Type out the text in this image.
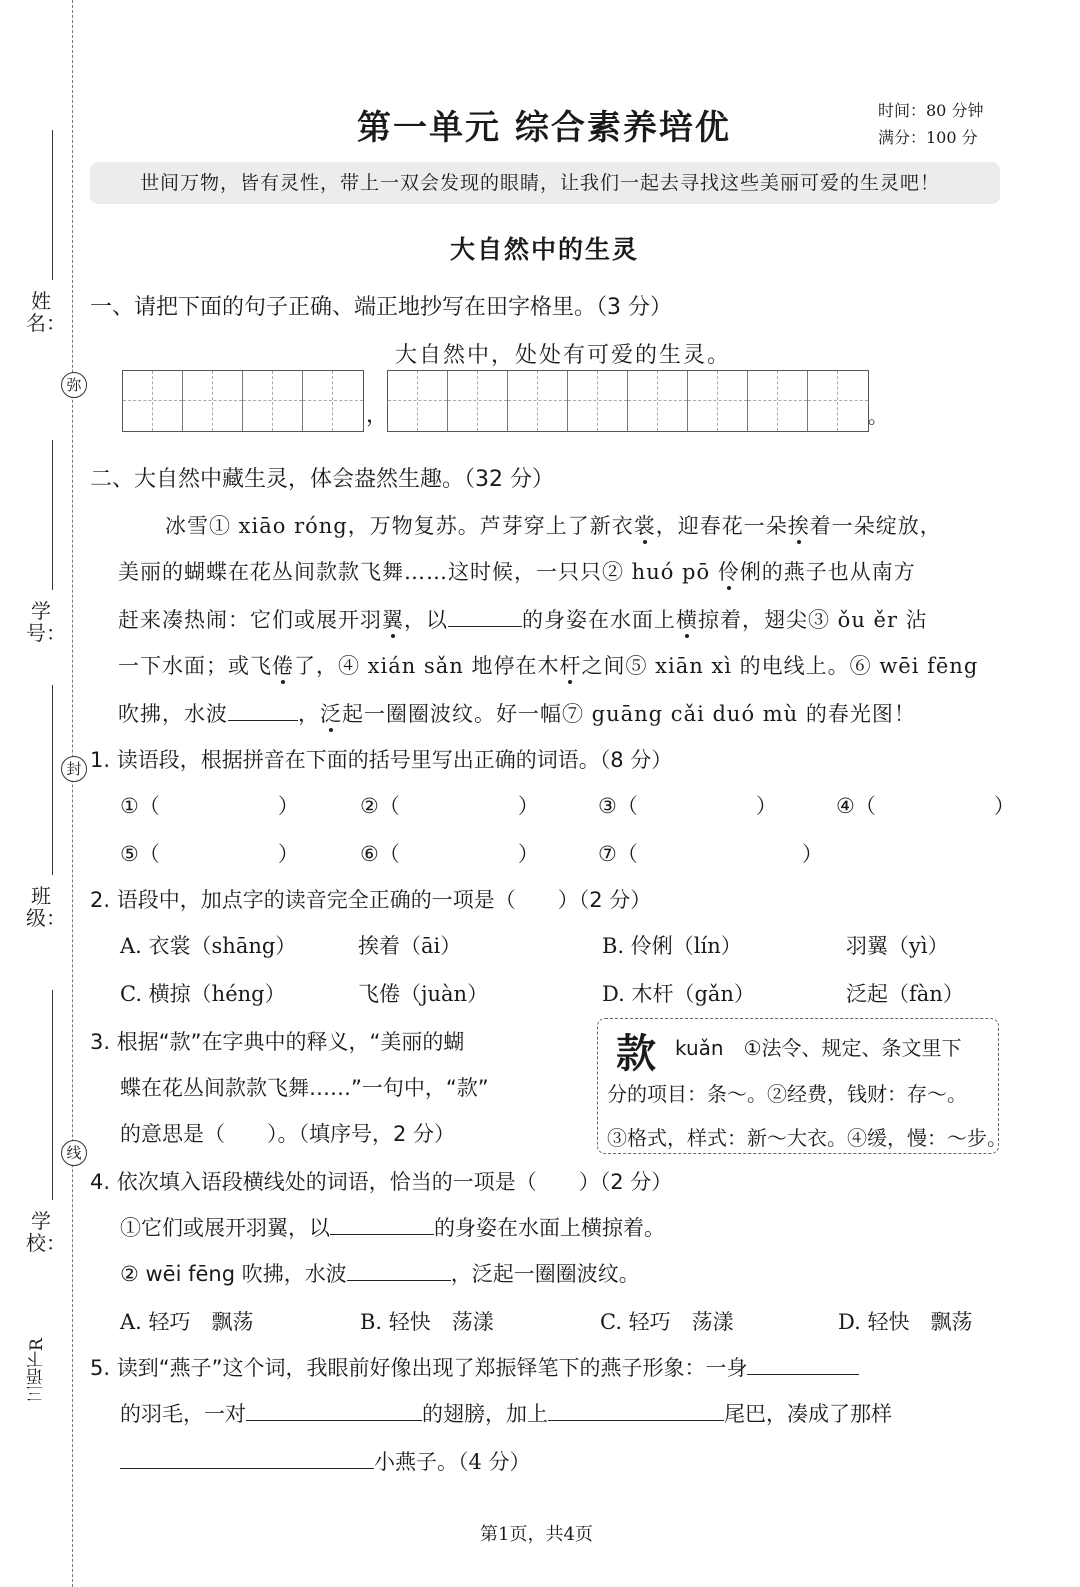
姓名：
学号：
班级：
学校：
三语下R
弥
封
线
第一单元 综合素养培优	时间：80 分钟
满分：100 分
世间万物，皆有灵性，带上一双会发现的眼睛，让我们一起去寻找这些美丽可爱的生灵吧！
大自然中的生灵
一、请把下面的句子正确、端正地抄写在田字格里。（3 分）
大自然中，处处有可爱的生灵。
，	。
二、大自然中藏生灵，体会盎然生趣。（32 分）
冰雪① xiāo róng，万物复苏。芦芽穿上了新衣裳，迎春花一朵挨着一朵绽放，
美丽的蝴蝶在花丛间款款飞舞……这时候，一只只② huó pō 伶俐的燕子也从南方
赶来凑热闹：它们或展开羽翼，以	的身姿在水面上横掠着，翅尖③ ǒu ěr 沾
一下水面；或飞倦了，④ xián sǎn 地停在木杆之间⑤ xiān xì 的电线上。⑥ wēi fēng
吹拂，水波	，泛起一圈圈波纹。好一幅⑦ guāng cǎi duó mù 的春光图！
1. 读语段，根据拼音在下面的括号里写出正确的词语。（8 分）
①（	）	②（	）	③（	）	④（	）
⑤（	）	⑥（	）	⑦（	）
2. 语段中，加点字的读音完全正确的一项是（　　）（2 分）
A. 衣裳（shāng）	挨着（āi）	B. 伶俐（lín）	羽翼（yì）
C. 横掠（héng）	飞倦（juàn）	D. 木杆（gǎn）	泛起（fàn）
3. 根据“款”在字典中的释义，“美丽的蝴
蝶在花丛间款款飞舞……”一句中，“款”
的意思是（　　）。（填序号，2 分）
款 kuǎn　①法令、规定、条文里下
分的项目：条～。②经费，钱财：存～。
③格式，样式：新～大衣。④缓，慢：～步。
4. 依次填入语段横线处的词语，恰当的一项是（　　）（2 分）
①它们或展开羽翼，以	的身姿在水面上横掠着。
② wēi fēng 吹拂，水波	，泛起一圈圈波纹。
A. 轻巧　飘荡	B. 轻快　荡漾	C. 轻巧　荡漾	D. 轻快　飘荡
5. 读到“燕子”这个词，我眼前好像出现了郑振铎笔下的燕子形象：一身
的羽毛，一对	的翅膀，加上	尾巴，凑成了那样
小燕子。（4 分）
第1页，共4页
